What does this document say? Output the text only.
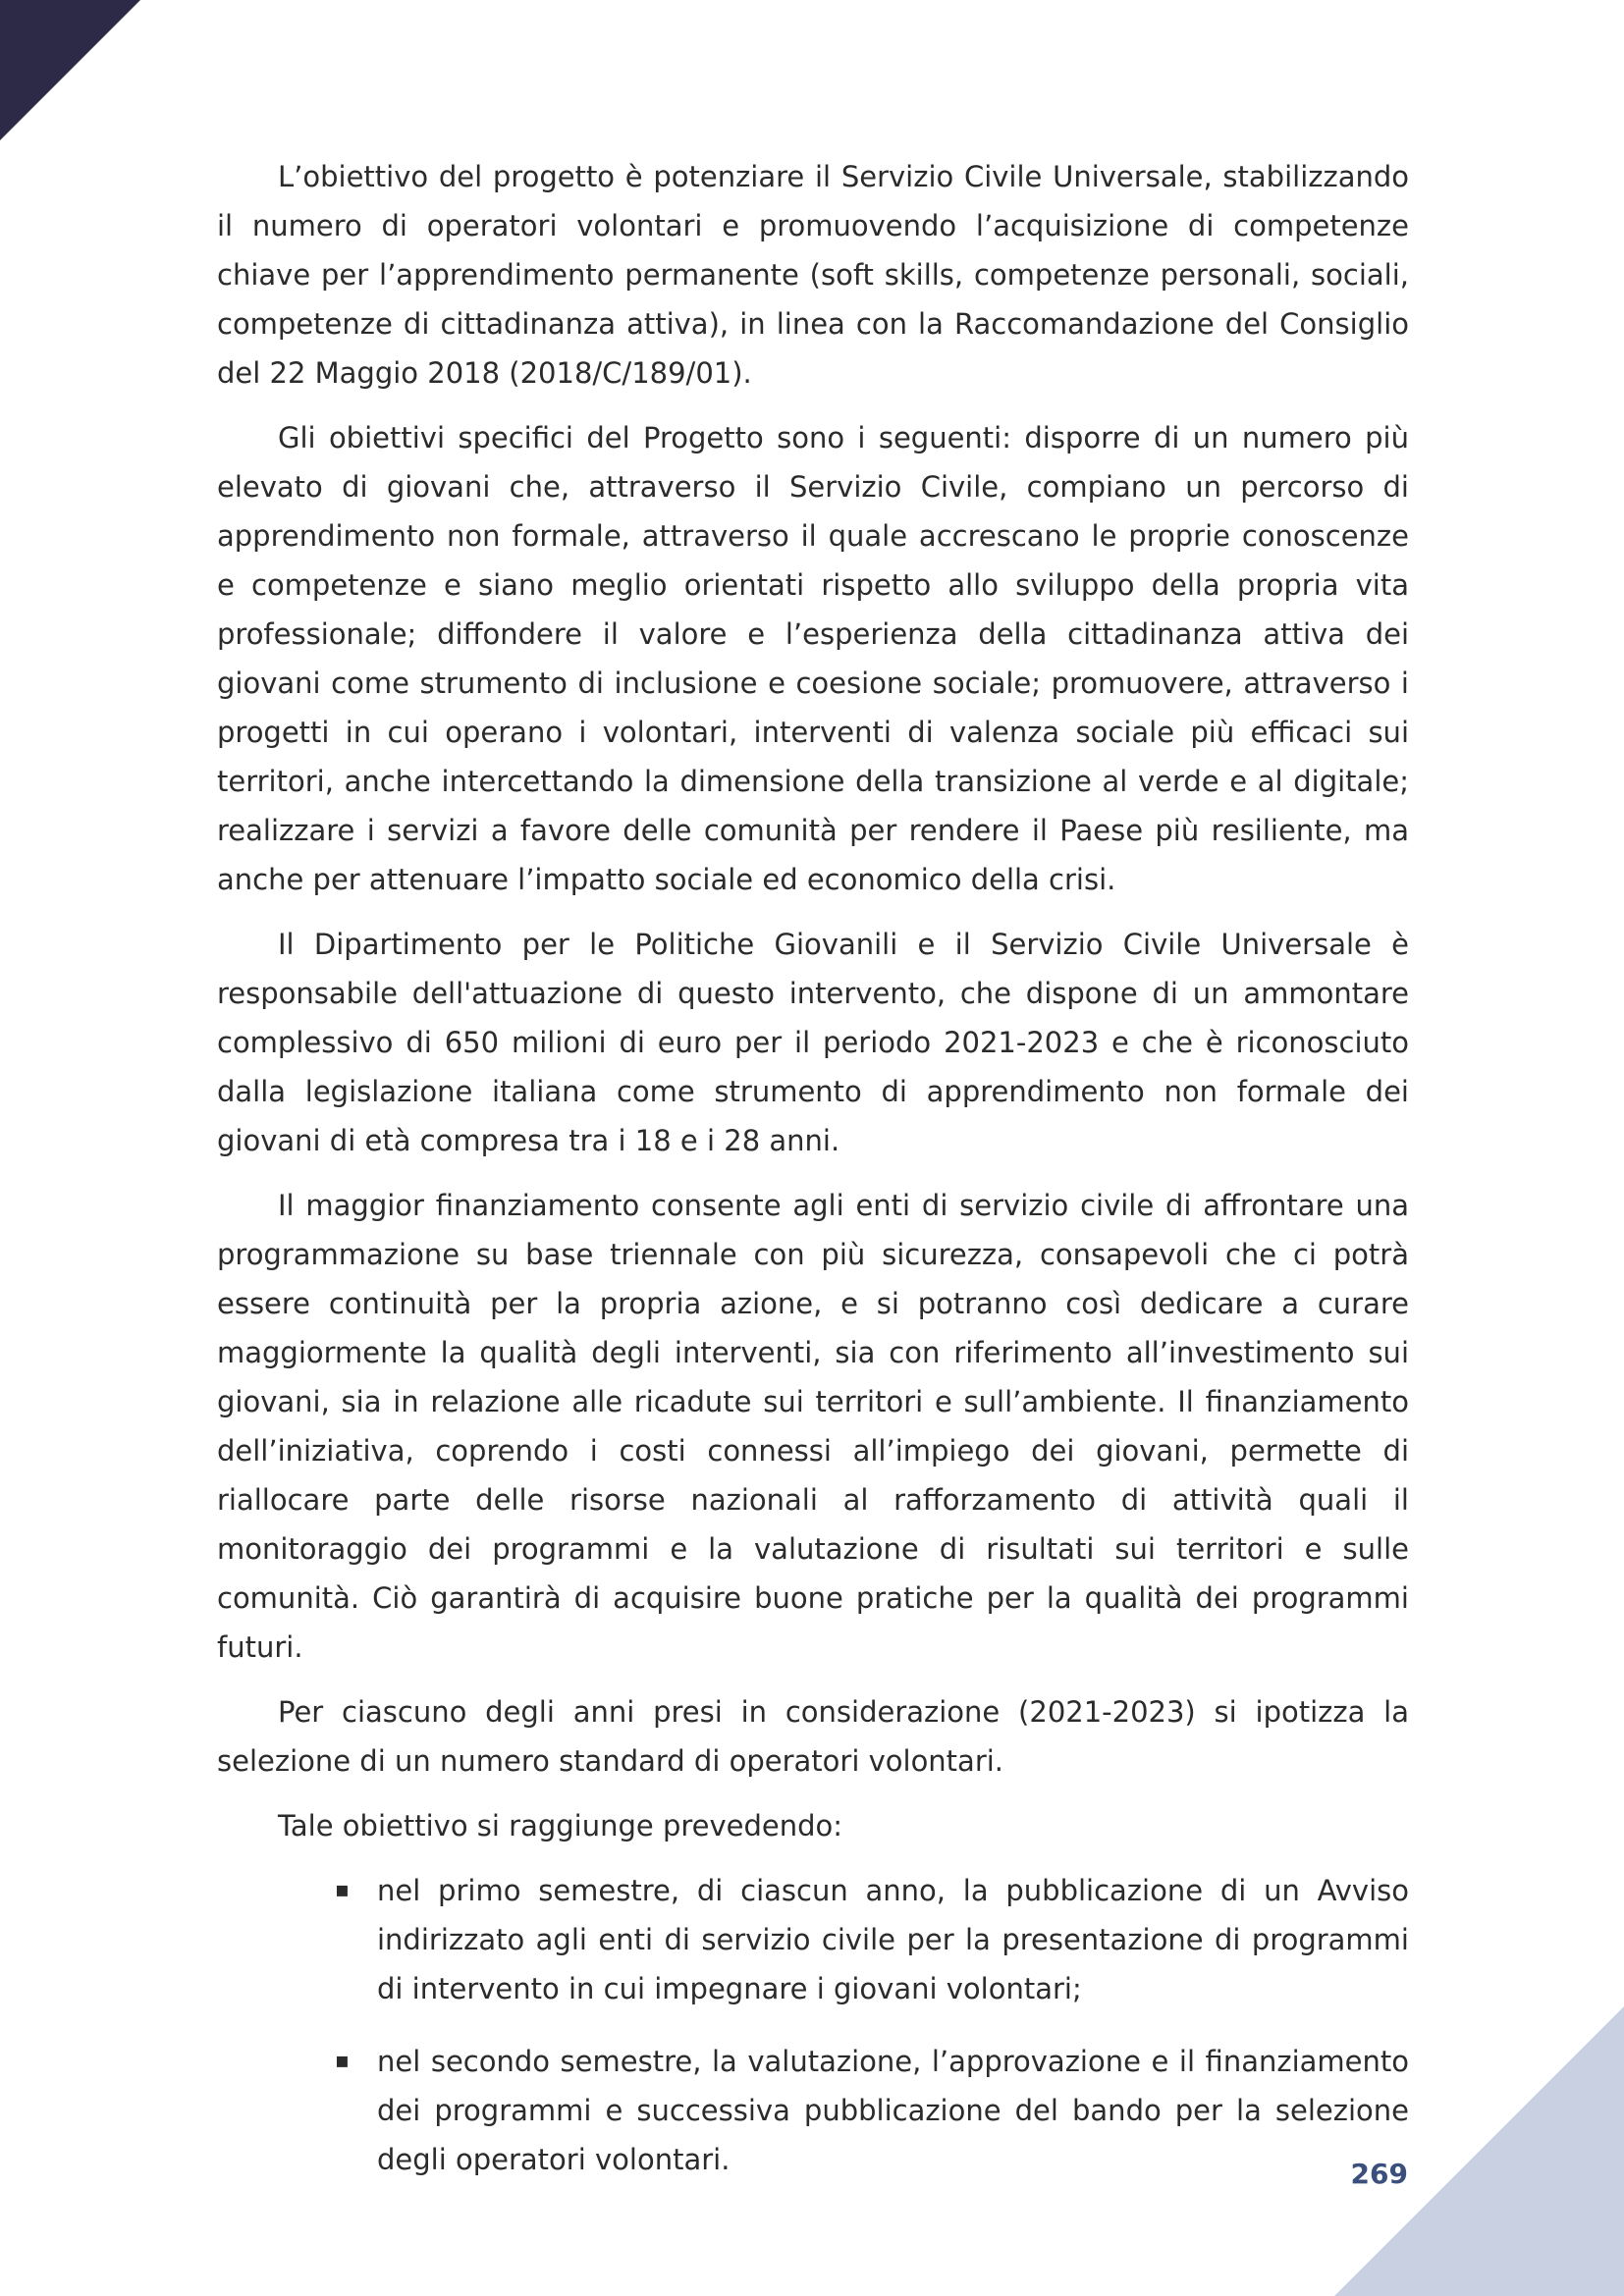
L’obiettivo del progetto è potenziare il Servizio Civile Universale, stabilizzando il numero di operatori volontari e promuovendo l’acquisizione di competenze chiave per l’apprendimento permanente (soft skills, competenze personali, sociali, competenze di cittadinanza attiva), in linea con la Raccomandazione del Consiglio del 22 Maggio 2018 (2018/C/189/01).

Gli obiettivi specifici del Progetto sono i seguenti: disporre di un numero più elevato di giovani che, attraverso il Servizio Civile, compiano un percorso di apprendimento non formale, attraverso il quale accrescano le proprie conoscenze e competenze e siano meglio orientati rispetto allo sviluppo della propria vita professionale; diffondere il valore e l’esperienza della cittadinanza attiva dei giovani come strumento di inclusione e coesione sociale; promuovere, attraverso i progetti in cui operano i volontari, interventi di valenza sociale più efficaci sui territori, anche intercettando la dimensione della transizione al verde e al digitale; realizzare i servizi a favore delle comunità per rendere il Paese più resiliente, ma anche per attenuare l’impatto sociale ed economico della crisi.

Il Dipartimento per le Politiche Giovanili e il Servizio Civile Universale è responsabile dell'attuazione di questo intervento, che dispone di un ammontare complessivo di 650 milioni di euro per il periodo 2021-2023 e che è riconosciuto dalla legislazione italiana come strumento di apprendimento non formale dei giovani di età compresa tra i 18 e i 28 anni.

Il maggior finanziamento consente agli enti di servizio civile di affrontare una programmazione su base triennale con più sicurezza, consapevoli che ci potrà essere continuità per la propria azione, e si potranno così dedicare a curare maggiormente la qualità degli interventi, sia con riferimento all’investimento sui giovani, sia in relazione alle ricadute sui territori e sull’ambiente. Il finanziamento dell’iniziativa, coprendo i costi connessi all’impiego dei giovani, permette di riallocare parte delle risorse nazionali al rafforzamento di attività quali il monitoraggio dei programmi e la valutazione di risultati sui territori e sulle comunità. Ciò garantirà di acquisire buone pratiche per la qualità dei programmi futuri.

Per ciascuno degli anni presi in considerazione (2021-2023) si ipotizza la selezione di un numero standard di operatori volontari.

Tale obiettivo si raggiunge prevedendo:

▪ nel primo semestre, di ciascun anno, la pubblicazione di un Avviso indirizzato agli enti di servizio civile per la presentazione di programmi di intervento in cui impegnare i giovani volontari;
▪ nel secondo semestre, la valutazione, l’approvazione e il finanziamento dei programmi e successiva pubblicazione del bando per la selezione degli operatori volontari.	269
